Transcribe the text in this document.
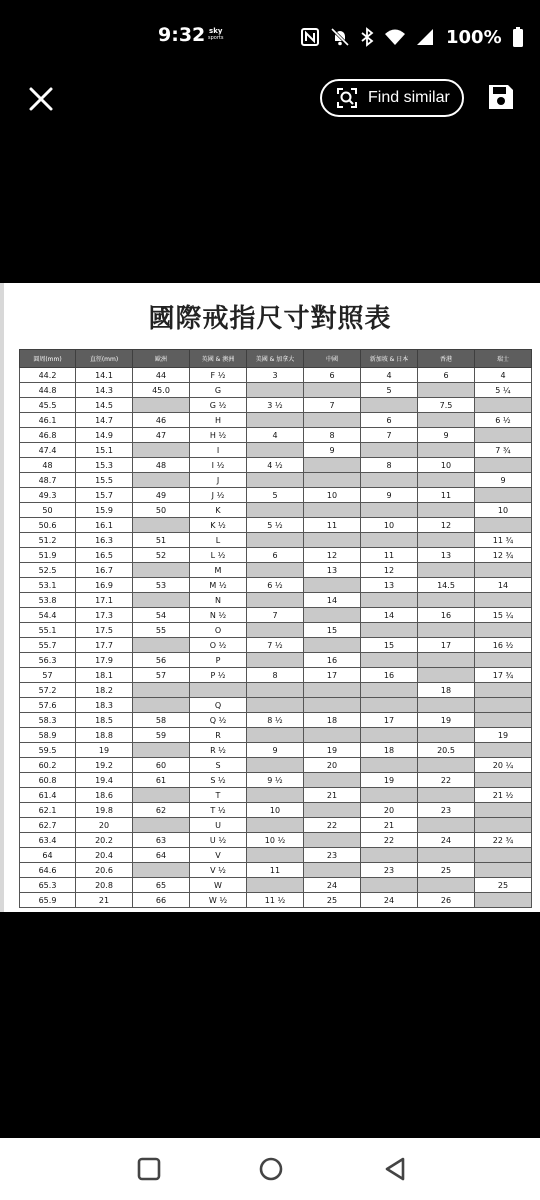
9:32 sky
sports	100%
Find similar
國際戒指尺寸對照表
圓周(mm)	直徑(mm)	歐洲	英國 & 澳洲	美國 & 加拿大	中國	新加坡 & 日本	香港	瑞士
44.2	14.1	44	F ½	3	6	4	6	4
44.8	14.3	45.0	G			5		5 ¼
45.5	14.5		G ½	3 ½	7		7.5	
46.1	14.7	46	H			6		6 ½
46.8	14.9	47	H ½	4	8	7	9	
47.4	15.1		I		9			7 ¾
48	15.3	48	I ½	4 ½		8	10	
48.7	15.5		J					9
49.3	15.7	49	J ½	5	10	9	11	
50	15.9	50	K					10
50.6	16.1		K ½	5 ½	11	10	12	
51.2	16.3	51	L					11 ¾
51.9	16.5	52	L ½	6	12	11	13	12 ¾
52.5	16.7		M		13	12		
53.1	16.9	53	M ½	6 ½		13	14.5	14
53.8	17.1		N		14			
54.4	17.3	54	N ½	7		14	16	15 ¼
55.1	17.5	55	O		15			
55.7	17.7		O ½	7 ½		15	17	16 ½
56.3	17.9	56	P		16			
57	18.1	57	P ½	8	17	16		17 ¾
57.2	18.2						18	
57.6	18.3		Q					
58.3	18.5	58	Q ½	8 ½	18	17	19	
58.9	18.8	59	R					19
59.5	19		R ½	9	19	18	20.5	
60.2	19.2	60	S		20			20 ¼
60.8	19.4	61	S ½	9 ½		19	22	
61.4	18.6		T		21			21 ½
62.1	19.8	62	T ½	10		20	23	
62.7	20		U		22	21		
63.4	20.2	63	U ½	10 ½		22	24	22 ¾
64	20.4	64	V		23			
64.6	20.6		V ½	11		23	25	
65.3	20.8	65	W		24			25
65.9	21	66	W ½	11 ½	25	24	26	
